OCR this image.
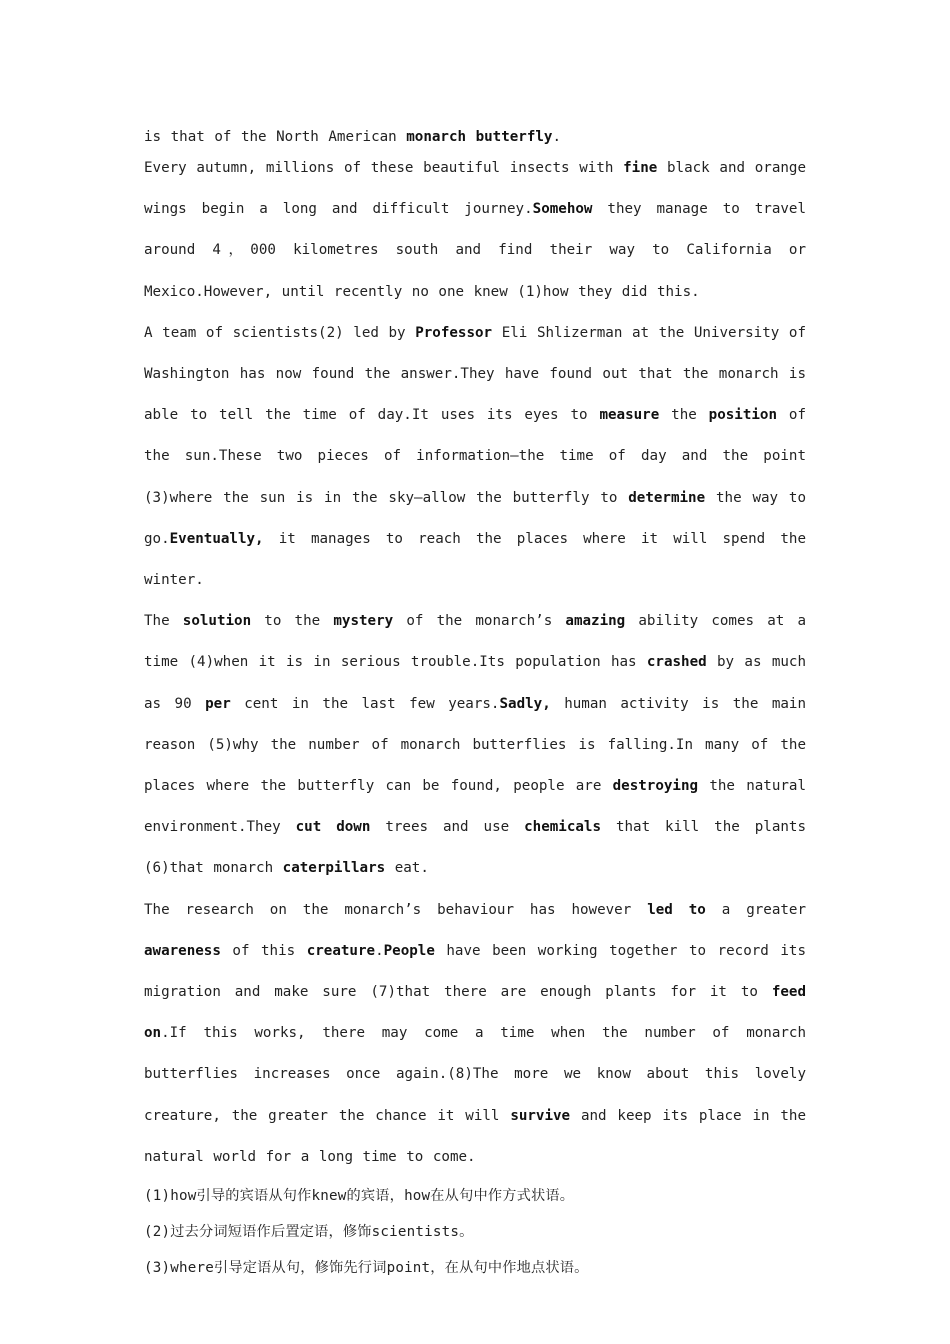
is that of the North American monarch butterfly.

Every autumn, millions of these beautiful insects with fine black and orange wings begin a long and difficult journey.Somehow they manage to travel around 4，000 kilometres south and find their way to California or Mexico.However, until recently no one knew (1)how they did this.

A team of scientists(2) led by Professor Eli Shlizerman at the University of Washington has now found the answer.They have found out that the monarch is able to tell the time of day.It uses its eyes to measure the position of the sun.These two pieces of information—the time of day and the point (3)where the sun is in the sky—allow the butterfly to determine the way to go.Eventually, it manages to reach the places where it will spend the winter.

The solution to the mystery of the monarch’s amazing ability comes at a time (4)when it is in serious trouble.Its population has crashed by as much as 90 per cent in the last few years.Sadly, human activity is the main reason (5)why the number of monarch butterflies is falling.In many of the places where the butterfly can be found, people are destroying the natural environment.They cut down trees and use chemicals that kill the plants (6)that monarch caterpillars eat.

The research on the monarch’s behaviour has however led to a greater awareness of this creature.People have been working together to record its migration and make sure (7)that there are enough plants for it to feed on.If this works, there may come a time when the number of monarch butterflies increases once again.(8)The more we know about this lovely creature, the greater the chance it will survive and keep its place in the natural world for a long time to come.

(1)how引导的宾语从句作knew的宾语，how在从句中作方式状语。

(2)过去分词短语作后置定语，修饰scientists。

(3)where引导定语从句，修饰先行词point，在从句中作地点状语。
